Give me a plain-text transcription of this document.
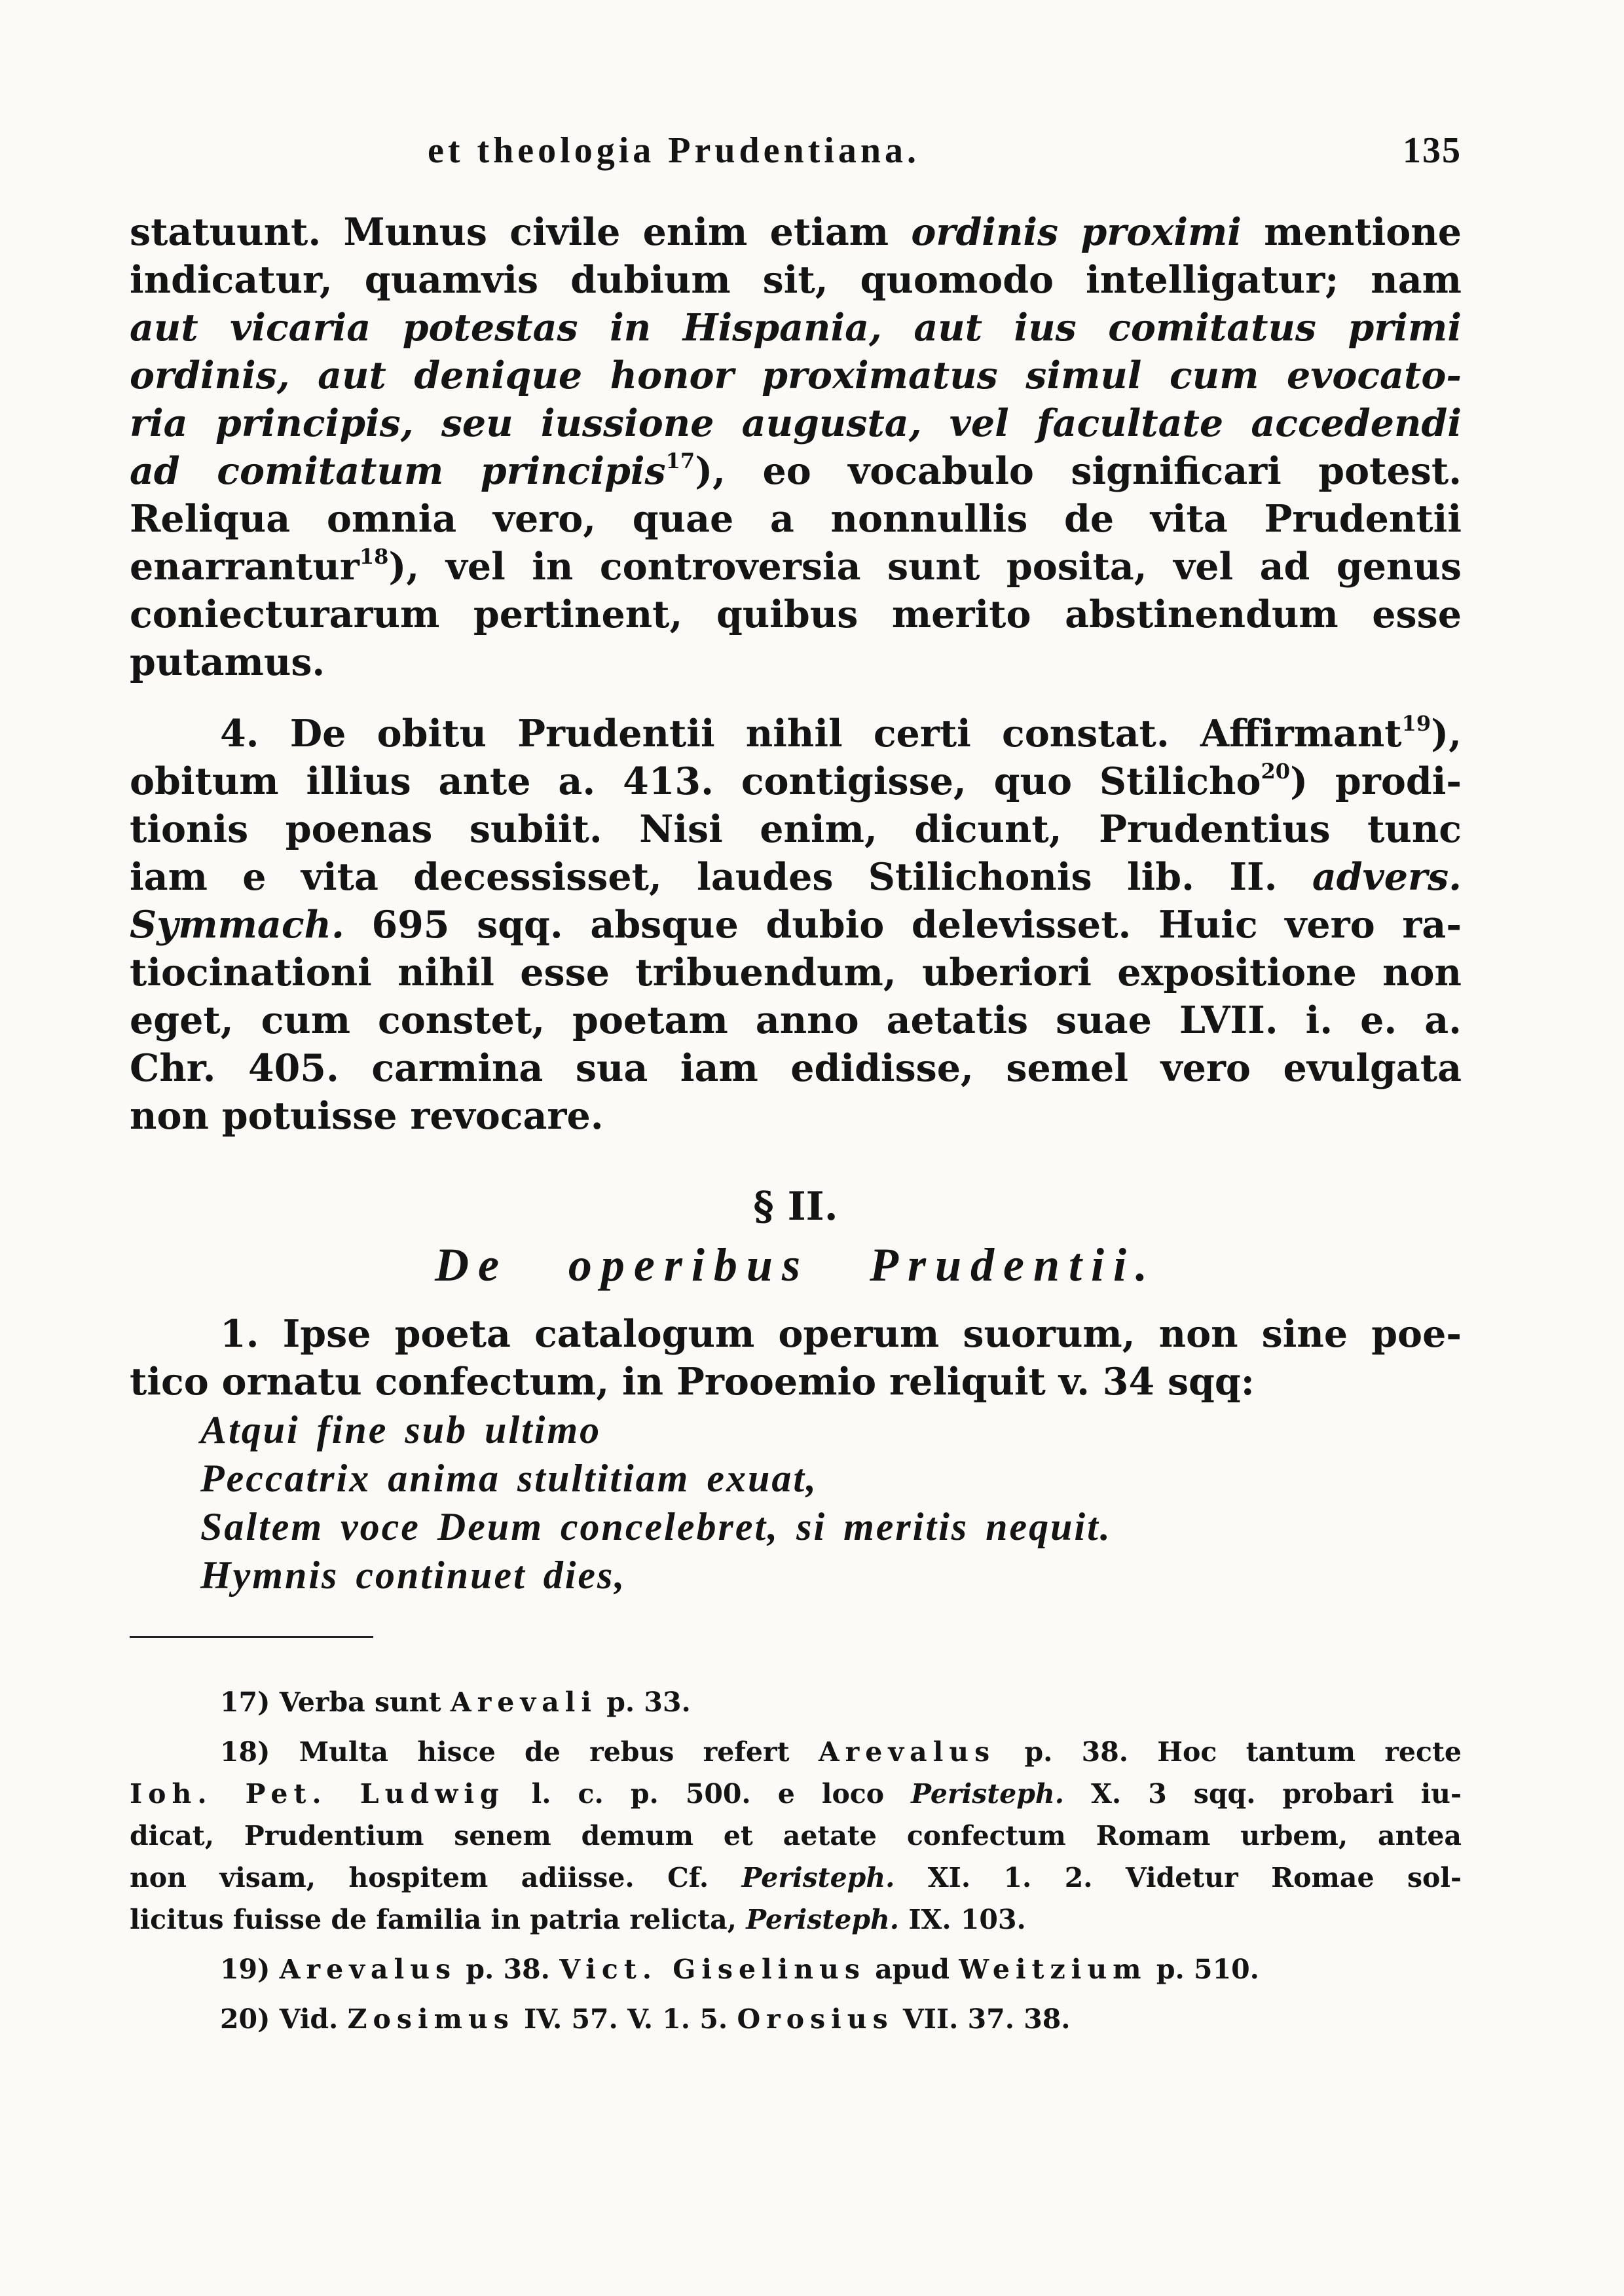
et theologia Prudentiana.	135
statuunt. Munus civile enim etiam ordinis proximi mentione
indicatur, quamvis dubium sit, quomodo intelligatur; nam
aut vicaria potestas in Hispania, aut ius comitatus primi
ordinis, aut denique honor proximatus simul cum evocato-
ria principis, seu iussione augusta, vel facultate accedendi
ad comitatum principis$^{17}$), eo vocabulo significari potest.
Reliqua omnia vero, quae a nonnullis de vita Prudentii
enarrantur$^{18}$), vel in controversia sunt posita, vel ad genus
coniecturarum pertinent, quibus merito abstinendum esse
putamus.
4. De obitu Prudentii nihil certi constat. Affirmant$^{19}$),
obitum illius ante a. 413. contigisse, quo Stilicho$^{20}$) prodi-
tionis poenas subiit. Nisi enim, dicunt, Prudentius tunc
iam e vita decessisset, laudes Stilichonis lib. II. advers.
Symmach. 695 sqq. absque dubio delevisset. Huic vero ra-
tiocinationi nihil esse tribuendum, uberiori expositione non
eget, cum constet, poetam anno aetatis suae LVII. i. e. a.
Chr. 405. carmina sua iam edidisse, semel vero evulgata
non potuisse revocare.
§ II.
De operibus Prudentii.
1. Ipse poeta catalogum operum suorum, non sine poe-
tico ornatu confectum, in Prooemio reliquit v. 34 sqq:
Atqui fine sub ultimo
Peccatrix anima stultitiam exuat,
Saltem voce Deum concelebret, si meritis nequit.
Hymnis continuet dies,
17) Verba sunt Arevali p. 33.
18) Multa hisce de rebus refert Arevalus p. 38. Hoc tantum recte
Ioh. Pet. Ludwig l. c. p. 500. e loco Peristeph. X. 3 sqq. probari iu-
dicat, Prudentium senem demum et aetate confectum Romam urbem, antea
non visam, hospitem adiisse. Cf. Peristeph. XI. 1. 2. Videtur Romae sol-
licitus fuisse de familia in patria relicta, Peristeph. IX. 103.
19) Arevalus p. 38. Vict. Giselinus apud Weitzium p. 510.
20) Vid. Zosimus IV. 57. V. 1. 5. Orosius VII. 37. 38.
